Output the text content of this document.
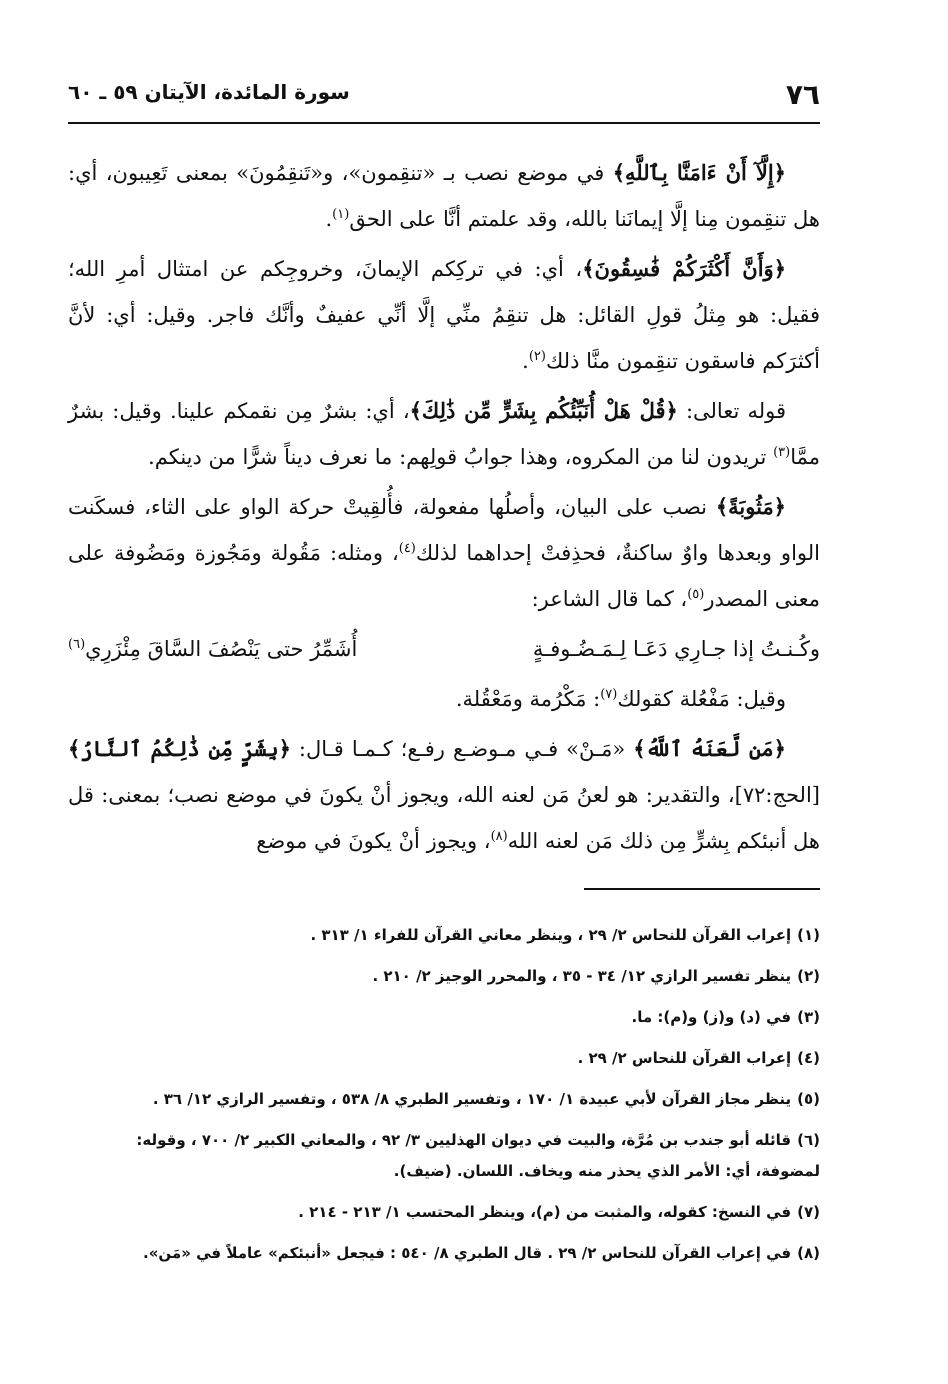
٧٦
سورة المائدة، الآيتان ٥٩ ـ ٦٠

﴿إِلَّآ أَنْ ءَامَنَّا بِٱللَّهِ﴾ في موضع نصب بـ «تنقِمون»، و«تَنقِمُونَ» بمعنى تَعِيبون، أي: هل تنقِمون مِنا إلَّا إيمانَنا بالله، وقد علمتم أنَّا على الحق$^{(١)}$.

﴿وَأَنَّ أَكْثَرَكُمْ فَٰسِقُونَ﴾، أي: في تركِكم الإيمانَ، وخروجِكم عن امتثال أمرِ الله؛ فقيل: هو مِثلُ قولِ القائل: هل تنقِمُ منِّي إلَّا أنِّي عفيفٌ وأنَّك فاجر. وقيل: أي: لأنَّ أكثرَكم فاسقون تنقِمون منَّا ذلك$^{(٢)}$.

قوله تعالى: ﴿قُلْ هَلْ أُنَبِّئُكُم بِشَرٍّ مِّن ذَٰلِكَ﴾، أي: بشرٌ مِن نقمكم علينا. وقيل: بشرٌ ممَّا$^{(٣)}$ تريدون لنا من المكروه، وهذا جوابُ قولِهم: ما نعرف ديناً شرًّا من دينكم.

﴿مَثُوبَةً﴾ نصب على البيان، وأصلُها مفعولة، فأُلقِيتْ حركة الواو على الثاء، فسكَنت الواو وبعدها واوٌ ساكنةٌ، فحذِفتْ إحداهما لذلك$^{(٤)}$، ومثله: مَقُولة ومَجُوزة ومَضُوفة على معنى المصدر$^{(٥)}$، كما قال الشاعر:

وكُـنـتُ إذا جـارِي دَعَـا لِـمَـضُـوفـةٍ
أُشَمِّرُ حتى يَنْصُفَ السَّاقَ مِئْزَرِي$^{(٦)}$

وقيل: مَفْعُلة كقولك$^{(٧)}$: مَكْرُمة ومَعْقُلة.

﴿مَن لَّعَنَهُ ٱللَّهُ﴾ «مَـنْ» فـي مـوضـع رفـع؛ كـمـا قـال: ﴿بِشَرٍّ مِّن ذَٰلِكُمُ ٱلنَّارُ﴾ [الحج:٧٢]، والتقدير: هو لعنُ مَن لعنه الله، ويجوز أنْ يكونَ في موضع نصب؛ بمعنى: قل هل أنبئكم بِشرٍّ مِن ذلك مَن لعنه الله$^{(٨)}$، ويجوز أنْ يكونَ في موضع

(١)إعراب القرآن للنحاس ٢/ ٢٩ ، وينظر معاني القرآن للفراء ١/ ٣١٣ .
(٢)ينظر تفسير الرازي ١٢/ ٣٤ - ٣٥ ، والمحرر الوجيز ٢/ ٢١٠ .
(٣)في (د) و(ز) و(م): ما.
(٤)إعراب القرآن للنحاس ٢/ ٢٩ .
(٥)ينظر مجاز القرآن لأبي عبيدة ١/ ١٧٠ ، وتفسير الطبري ٨/ ٥٣٨ ، وتفسير الرازي ١٢/ ٣٦ .
(٦)قائله أبو جندب بن مُرَّة، والبيت في ديوان الهذليين ٣/ ٩٢ ، والمعاني الكبير ٢/ ٧٠٠ ، وقوله: لمضوفة، أي: الأمر الذي يحذر منه ويخاف. اللسان. (ضيف).
(٧)في النسخ: كقوله، والمثبت من (م)، وينظر المحتسب ١/ ٢١٣ - ٢١٤ .
(٨)في إعراب القرآن للنحاس ٢/ ٢٩ . قال الطبري ٨/ ٥٤٠ : فيجعل «أنبئكم» عاملاً في «مَن».
